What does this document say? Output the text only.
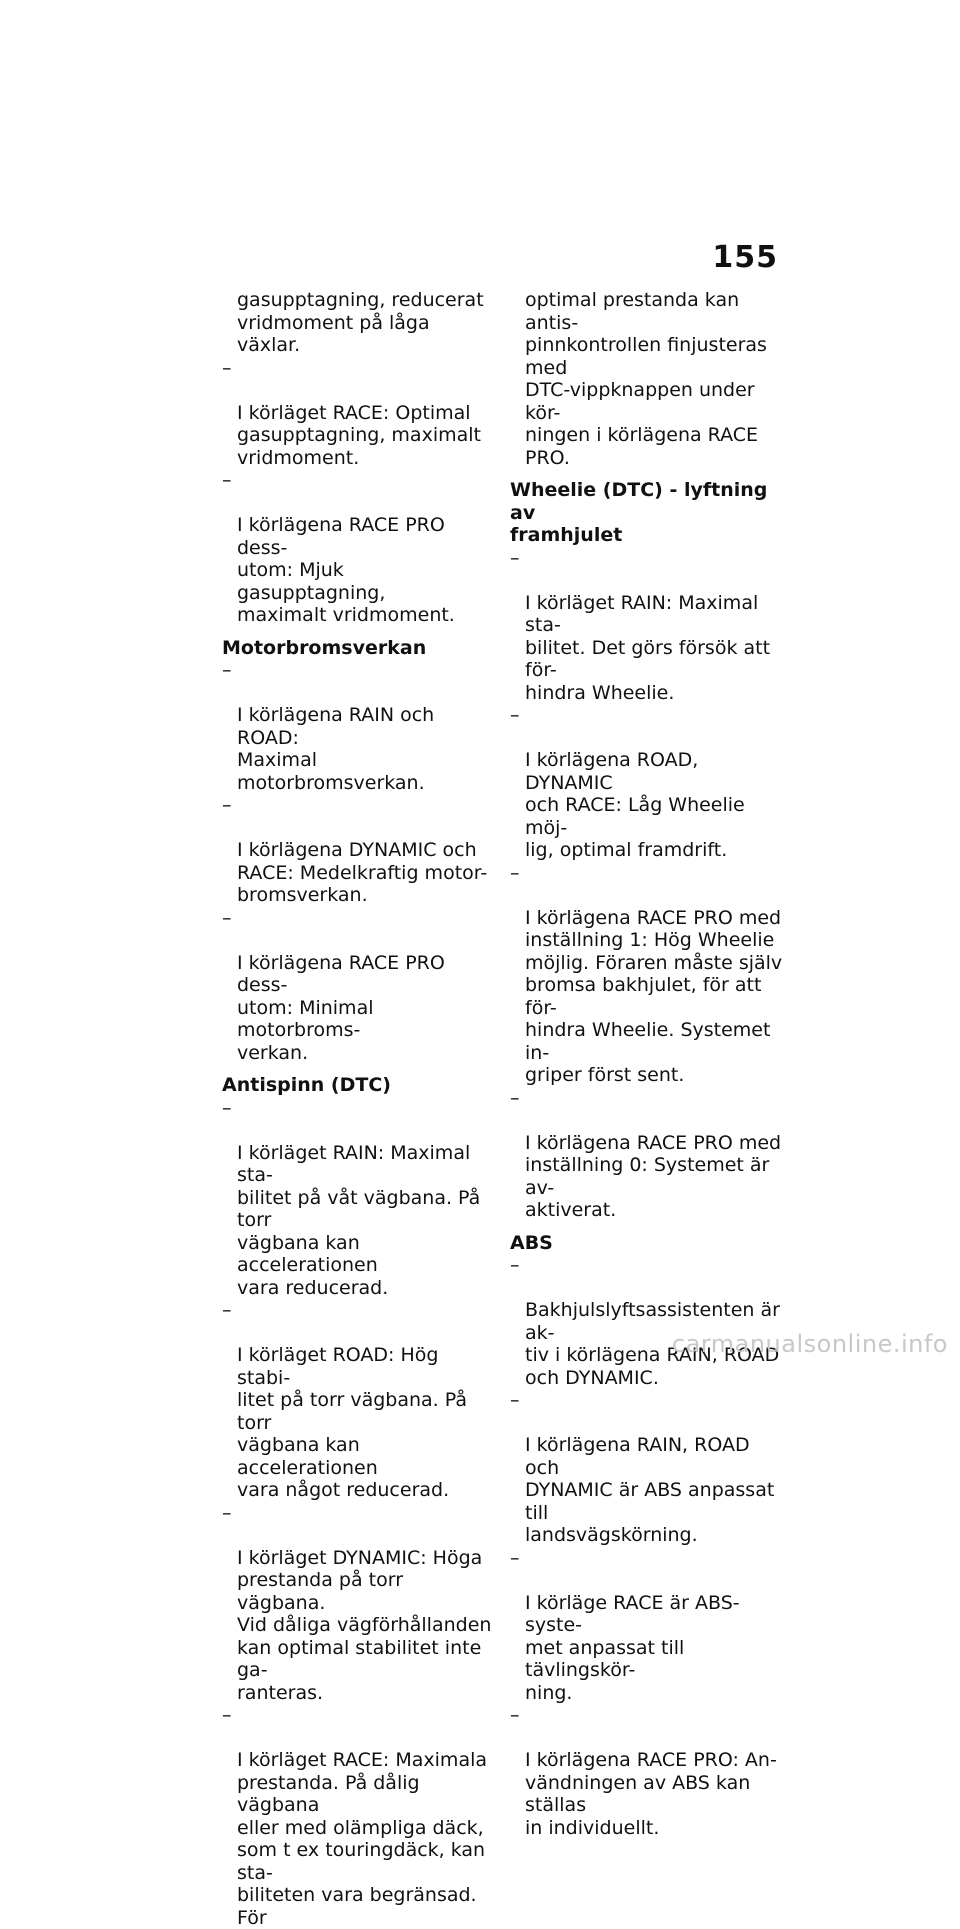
155
gasupptagning, reducerat
vridmoment på låga växlar.

–

I körläget RACE: Optimal
gasupptagning, maximalt
vridmoment.

–

I körlägena RACE PRO dess-
utom: Mjuk gasupptagning,
maximalt vridmoment.

Motorbromsverkan

–

I körlägena RAIN och ROAD:
Maximal motorbromsverkan.

–

I körlägena DYNAMIC och
RACE: Medelkraftig motor-
bromsverkan.

–

I körlägena RACE PRO dess-
utom: Minimal motorbroms-
verkan.

Antispinn (DTC)

–

I körläget RAIN: Maximal sta-
bilitet på våt vägbana. På torr
vägbana kan accelerationen
vara reducerad.

–

I körläget ROAD: Hög stabi-
litet på torr vägbana. På torr
vägbana kan accelerationen
vara något reducerad.

–

I körläget DYNAMIC: Höga
prestanda på torr vägbana.
Vid dåliga vägförhållanden
kan optimal stabilitet inte ga-
ranteras.

–

I körläget RACE: Maximala
prestanda. På dålig vägbana
eller med olämpliga däck,
som t ex touringdäck, kan sta-
biliteten vara begränsad. För

optimal prestanda kan antis-
pinnkontrollen finjusteras med
DTC-vippknappen under kör-
ningen i körlägena RACE PRO.
Wheelie (DTC) - lyftning av
framhjulet

–

I körläget RAIN: Maximal sta-
bilitet. Det görs försök att för-
hindra Wheelie.

–

I körlägena ROAD, DYNAMIC
och RACE: Låg Wheelie möj-
lig, optimal framdrift.

–

I körlägena RACE PRO med
inställning 1: Hög Wheelie
möjlig. Föraren måste själv
bromsa bakhjulet, för att för-
hindra Wheelie. Systemet in-
griper först sent.

–

I körlägena RACE PRO med
inställning 0: Systemet är av-
aktiverat.

ABS

–

Bakhjulslyftsassistenten är ak-
tiv i körlägena RAIN, ROAD
och DYNAMIC.

–

I körlägena RAIN, ROAD och
DYNAMIC är ABS anpassat till
landsvägskörning.

–

I körläge RACE är ABS-syste-
met anpassat till tävlingskör-
ning.

–

I körlägena RACE PRO: An-
vändningen av ABS kan ställas
in individuellt.

carmanualsonline.info
